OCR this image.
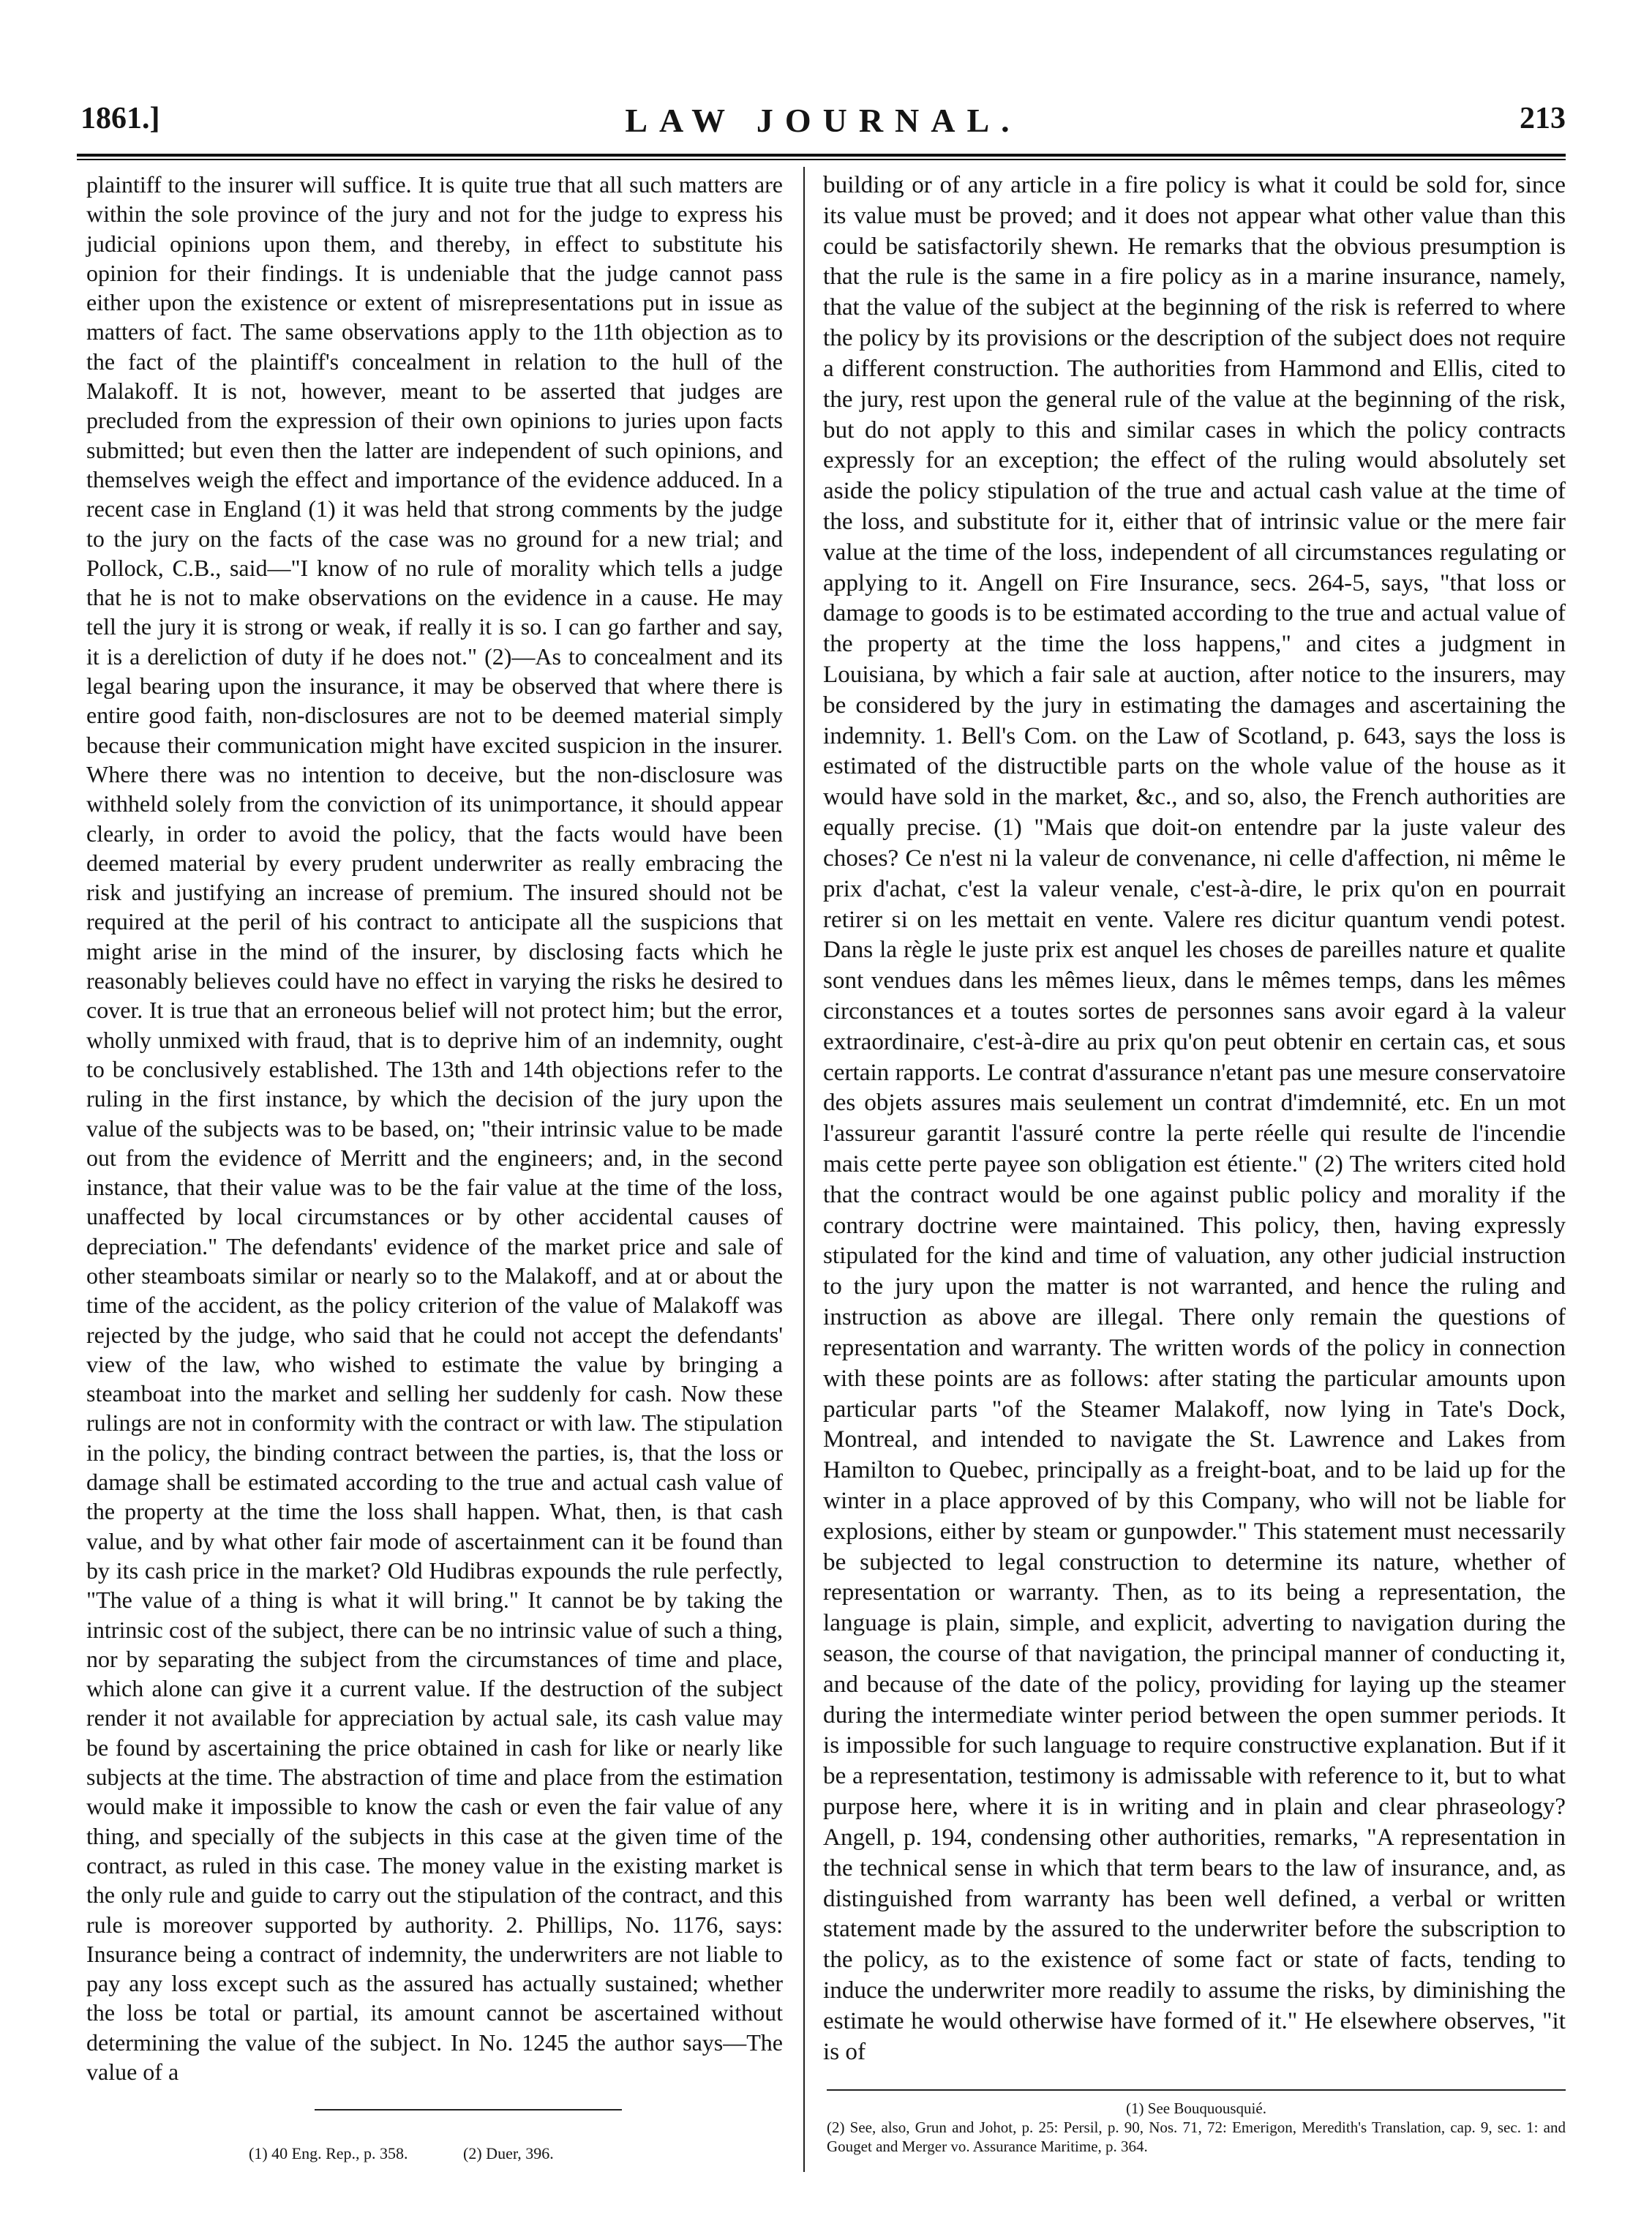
LAW JOURNAL.
1861.]	213

plaintiff to the insurer will suffice. It is quite true that all such matters are within the sole province of the jury and not for the judge to express his judicial opinions upon them, and thereby, in effect to substitute his opinion for their findings. It is undeniable that the judge cannot pass either upon the existence or extent of misrepresentations put in issue as matters of fact. The same observations apply to the 11th objection as to the fact of the plaintiff's concealment in relation to the hull of the Malakoff. It is not, however, meant to be asserted that judges are precluded from the expression of their own opinions to juries upon facts submitted; but even then the latter are independent of such opinions, and themselves weigh the effect and importance of the evidence adduced. In a recent case in England (1) it was held that strong comments by the judge to the jury on the facts of the case was no ground for a new trial; and Pollock, C.B., said—"I know of no rule of morality which tells a judge that he is not to make observations on the evidence in a cause. He may tell the jury it is strong or weak, if really it is so. I can go farther and say, it is a dereliction of duty if he does not." (2)—As to concealment and its legal bearing upon the insurance, it may be observed that where there is entire good faith, non-disclosures are not to be deemed material simply because their communication might have excited suspicion in the insurer. Where there was no intention to deceive, but the non-disclosure was withheld solely from the conviction of its unimportance, it should appear clearly, in order to avoid the policy, that the facts would have been deemed material by every prudent underwriter as really embracing the risk and justifying an increase of premium. The insured should not be required at the peril of his contract to anticipate all the suspicions that might arise in the mind of the insurer, by disclosing facts which he reasonably believes could have no effect in varying the risks he desired to cover. It is true that an erroneous belief will not protect him; but the error, wholly unmixed with fraud, that is to deprive him of an indemnity, ought to be conclusively established. The 13th and 14th objections refer to the ruling in the first instance, by which the decision of the jury upon the value of the subjects was to be based, on; "their intrinsic value to be made out from the evidence of Merritt and the engineers; and, in the second instance, that their value was to be the fair value at the time of the loss, unaffected by local circumstances or by other accidental causes of depreciation." The defendants' evidence of the market price and sale of other steamboats similar or nearly so to the Malakoff, and at or about the time of the accident, as the policy criterion of the value of Malakoff was rejected by the judge, who said that he could not accept the defendants' view of the law, who wished to estimate the value by bringing a steamboat into the market and selling her suddenly for cash. Now these rulings are not in conformity with the contract or with law. The stipulation in the policy, the binding contract between the parties, is, that the loss or damage shall be estimated according to the true and actual cash value of the property at the time the loss shall happen. What, then, is that cash value, and by what other fair mode of ascertainment can it be found than by its cash price in the market? Old Hudibras expounds the rule perfectly, "The value of a thing is what it will bring." It cannot be by taking the intrinsic cost of the subject, there can be no intrinsic value of such a thing, nor by separating the subject from the circumstances of time and place, which alone can give it a current value. If the destruction of the subject render it not available for appreciation by actual sale, its cash value may be found by ascertaining the price obtained in cash for like or nearly like subjects at the time. The abstraction of time and place from the estimation would make it impossible to know the cash or even the fair value of any thing, and specially of the subjects in this case at the given time of the contract, as ruled in this case. The money value in the existing market is the only rule and guide to carry out the stipulation of the contract, and this rule is moreover supported by authority. 2. Phillips, No. 1176, says: Insurance being a contract of indemnity, the underwriters are not liable to pay any loss except such as the assured has actually sustained; whether the loss be total or partial, its amount cannot be ascertained without determining the value of the subject. In No. 1245 the author says—The value of a

building or of any article in a fire policy is what it could be sold for, since its value must be proved; and it does not appear what other value than this could be satisfactorily shewn. He remarks that the obvious presumption is that the rule is the same in a fire policy as in a marine insurance, namely, that the value of the subject at the beginning of the risk is referred to where the policy by its provisions or the description of the subject does not require a different construction. The authorities from Hammond and Ellis, cited to the jury, rest upon the general rule of the value at the beginning of the risk, but do not apply to this and similar cases in which the policy contracts expressly for an exception; the effect of the ruling would absolutely set aside the policy stipulation of the true and actual cash value at the time of the loss, and substitute for it, either that of intrinsic value or the mere fair value at the time of the loss, independent of all circumstances regulating or applying to it. Angell on Fire Insurance, secs. 264-5, says, "that loss or damage to goods is to be estimated according to the true and actual value of the property at the time the loss happens," and cites a judgment in Louisiana, by which a fair sale at auction, after notice to the insurers, may be considered by the jury in estimating the damages and ascertaining the indemnity. 1. Bell's Com. on the Law of Scotland, p. 643, says the loss is estimated of the distructible parts on the whole value of the house as it would have sold in the market, &c., and so, also, the French authorities are equally precise. (1) "Mais que doit-on entendre par la juste valeur des choses? Ce n'est ni la valeur de convenance, ni celle d'affection, ni même le prix d'achat, c'est la valeur venale, c'est-à-dire, le prix qu'on en pourrait retirer si on les mettait en vente. Valere res dicitur quantum vendi potest. Dans la règle le juste prix est anquel les choses de pareilles nature et qualite sont vendues dans les mêmes lieux, dans le mêmes temps, dans les mêmes circonstances et a toutes sortes de personnes sans avoir egard à la valeur extraordinaire, c'est-à-dire au prix qu'on peut obtenir en certain cas, et sous certain rapports. Le contrat d'assurance n'etant pas une mesure conservatoire des objets assures mais seulement un contrat d'imdemnité, etc. En un mot l'assureur garantit l'assuré contre la perte réelle qui resulte de l'incendie mais cette perte payee son obligation est étiente." (2) The writers cited hold that the contract would be one against public policy and morality if the contrary doctrine were maintained. This policy, then, having expressly stipulated for the kind and time of valuation, any other judicial instruction to the jury upon the matter is not warranted, and hence the ruling and instruction as above are illegal. There only remain the questions of representation and warranty. The written words of the policy in connection with these points are as follows: after stating the particular amounts upon particular parts "of the Steamer Malakoff, now lying in Tate's Dock, Montreal, and intended to navigate the St. Lawrence and Lakes from Hamilton to Quebec, principally as a freight-boat, and to be laid up for the winter in a place approved of by this Company, who will not be liable for explosions, either by steam or gunpowder." This statement must necessarily be subjected to legal construction to determine its nature, whether of representation or warranty. Then, as to its being a representation, the language is plain, simple, and explicit, adverting to navigation during the season, the course of that navigation, the principal manner of conducting it, and because of the date of the policy, providing for laying up the steamer during the intermediate winter period between the open summer periods. It is impossible for such language to require constructive explanation. But if it be a representation, testimony is admissable with reference to it, but to what purpose here, where it is in writing and in plain and clear phraseology? Angell, p. 194, condensing other authorities, remarks, "A representation in the technical sense in which that term bears to the law of insurance, and, as distinguished from warranty has been well defined, a verbal or written statement made by the assured to the underwriter before the subscription to the policy, as to the existence of some fact or state of facts, tending to induce the underwriter more readily to assume the risks, by diminishing the estimate he would otherwise have formed of it." He elsewhere observes, "it is of

(1) 40 Eng. Rep., p. 358.	(2) Duer, 396.
(1) See Bouquousquié.
(2) See, also, Grun and Johot, p. 25: Persil, p. 90, Nos. 71, 72: Emerigon, Meredith's Translation, cap. 9, sec. 1: and Gouget and Merger vo. Assurance Maritime, p. 364.
